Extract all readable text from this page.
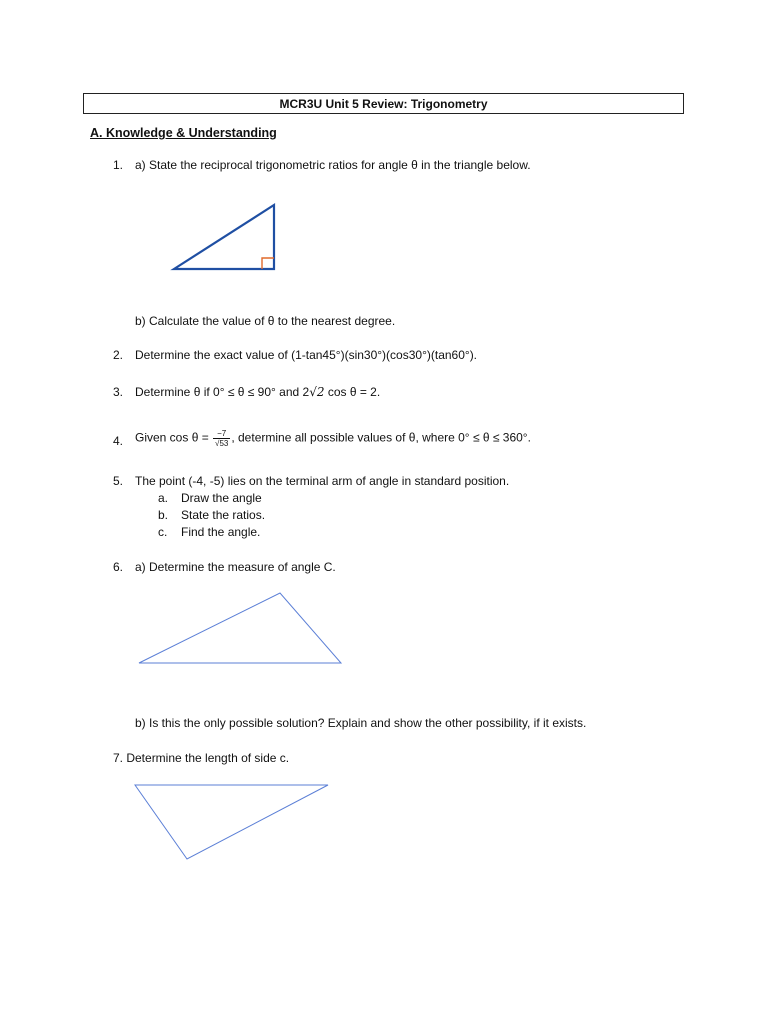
MCR3U Unit 5 Review: Trigonometry
A. Knowledge & Understanding
1. a) State the reciprocal trigonometric ratios for angle θ in the triangle below.
b) Calculate the value of θ to the nearest degree.
2. Determine the exact value of (1-tan45°)(sin30°)(cos30°)(tan60°).
3. Determine θ if 0° ≤ θ ≤ 90° and 2√2 cos θ = 2.
4. Given $\cos \theta = \frac{-7}{√53}$ , determine all possible values of θ, where 0° ≤ θ ≤ 360°.
5. The point (-4, -5) lies on the terminal arm of angle in standard position.
a. Draw the angle
b. State the ratios.
c. Find the angle.
6. a) Determine the measure of angle C.
b) Is this the only possible solution? Explain and show the other possibility, if it exists.
7. Determine the length of side c.
